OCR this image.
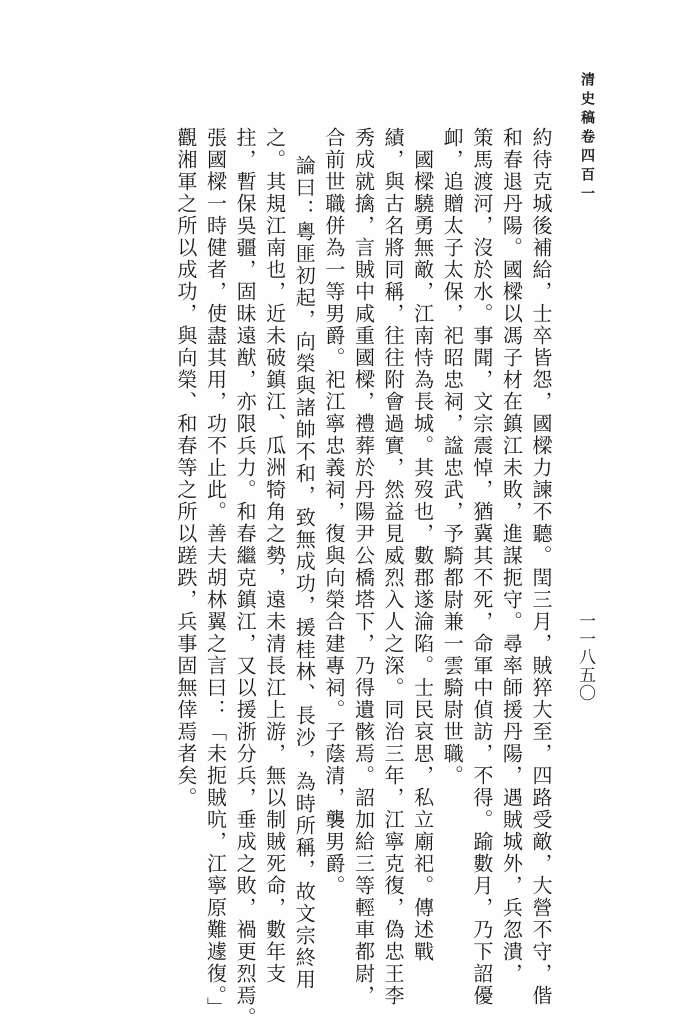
清史稿卷四百一
一一八五〇
約待克城後補給，士卒皆怨，國樑力諫不聽。閏三月，賊猝大至，四路受敵，大營不守，偕
和春退丹陽。國樑以馮子材在鎮江未敗，進謀扼守。尋率師援丹陽，遇賊城外，兵忽潰，
策馬渡河，沒於水。事聞，文宗震悼，猶冀其不死，命軍中偵訪，不得。踰數月，乃下詔優
卹，追贈太子太保，祀昭忠祠，諡忠武，予騎都尉兼一雲騎尉世職。
國樑驍勇無敵，江南恃為長城。其歿也，數郡遂淪陷。士民哀思，私立廟祀。傳述戰
績，與古名將同稱，往往附會過實，然益見威烈入人之深。同治三年，江寧克復，偽忠王李
秀成就擒，言賊中咸重國樑，禮葬於丹陽尹公橋塔下，乃得遺骸焉。詔加給三等輕車都尉，
合前世職併為一等男爵。祀江寧忠義祠，復與向榮合建專祠。子蔭清，襲男爵。
論曰：粵匪初起，向榮與諸帥不和，致無成功，援桂林、長沙，為時所稱，故文宗終用
之。其規江南也，近未破鎮江、瓜洲犄角之勢，遠未清長江上游，無以制賊死命，數年支
拄，暫保吳疆，固昧遠猷，亦限兵力。和春繼克鎮江，又以援浙分兵，垂成之敗，禍更烈焉。
張國樑一時健者，使盡其用，功不止此。善夫胡林翼之言曰：「未扼賊吭，江寧原難遽復。」
觀湘軍之所以成功，與向榮、和春等之所以蹉跌，兵事固無倖焉者矣。
